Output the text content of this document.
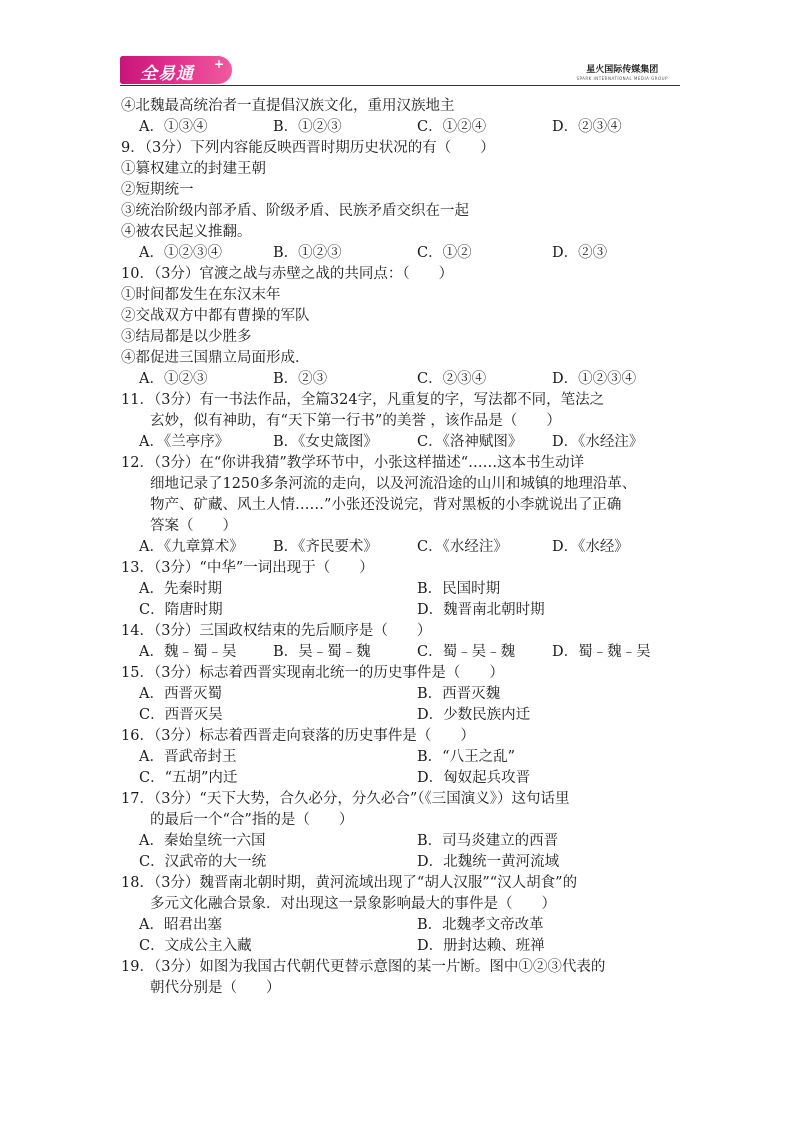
全易通 +	星火国际传媒集团
SPARK INTERNATIONAL MEDIA GROUP
④北魏最高统治者一直提倡汉族文化，重用汉族地主
A．①③④	B．①②③	C．①②④	D．②③④
9．（3分）下列内容能反映西晋时期历史状况的有（　　）
①篡权建立的封建王朝
②短期统一
③统治阶级内部矛盾、阶级矛盾、民族矛盾交织在一起
④被农民起义推翻。
A．①②③④	B．①②③	C．①②	D．②③
10．（3分）官渡之战与赤壁之战的共同点：（　　）
①时间都发生在东汉末年
②交战双方中都有曹操的军队
③结局都是以少胜多
④都促进三国鼎立局面形成．
A．①②③	B．②③	C．②③④	D．①②③④
11．（3分）有一书法作品，全篇324字，凡重复的字，写法都不同，笔法之
　　玄妙，似有神助，有“天下第一行书”的美誉 ，该作品是（　　）
A．《兰亭序》	B．《女史箴图》	C．《洛神赋图》 D．《水经注》
12．（3分）在“你讲我猜”教学环节中，小张这样描述“……这本书生动详
　　细地记录了1250多条河流的走向，以及河流沿途的山川和城镇的地理沿革、
　　物产、矿藏、风土人情……”小张还没说完，背对黑板的小李就说出了正确
　　答案（　　）
A．《九章算术》 B．《齐民要术》	C．《水经注》	D．《水经》
13．（3分）“中华”一词出现于（　　）
A．先秦时期	B．民国时期
C．隋唐时期	D．魏晋南北朝时期
14．（3分）三国政权结束的先后顺序是（　　）
A．魏﹣蜀﹣吴	B．吴﹣蜀﹣魏	C．蜀﹣吴﹣魏	D．蜀﹣魏﹣吴
15．（3分）标志着西晋实现南北统一的历史事件是（　　）
A．西晋灭蜀	B．西晋灭魏
C．西晋灭吴	D．少数民族内迁
16．（3分）标志着西晋走向衰落的历史事件是（　　）
A．晋武帝封王	B．“八王之乱”
C．“五胡”内迁	D．匈奴起兵攻晋
17．（3分）“天下大势，合久必分，分久必合”（《三国演义》）这句话里
　　的最后一个“合”指的是（　　）
A．秦始皇统一六国	B．司马炎建立的西晋
C．汉武帝的大一统	D．北魏统一黄河流域
18．（3分）魏晋南北朝时期，黄河流域出现了“胡人汉服”“汉人胡食”的
　　多元文化融合景象．对出现这一景象影响最大的事件是（　　）
A．昭君出塞	B．北魏孝文帝改革
C．文成公主入藏	D．册封达赖、班禅
19．（3分）如图为我国古代朝代更替示意图的某一片断。图中①②③代表的
　　朝代分别是（　　）
